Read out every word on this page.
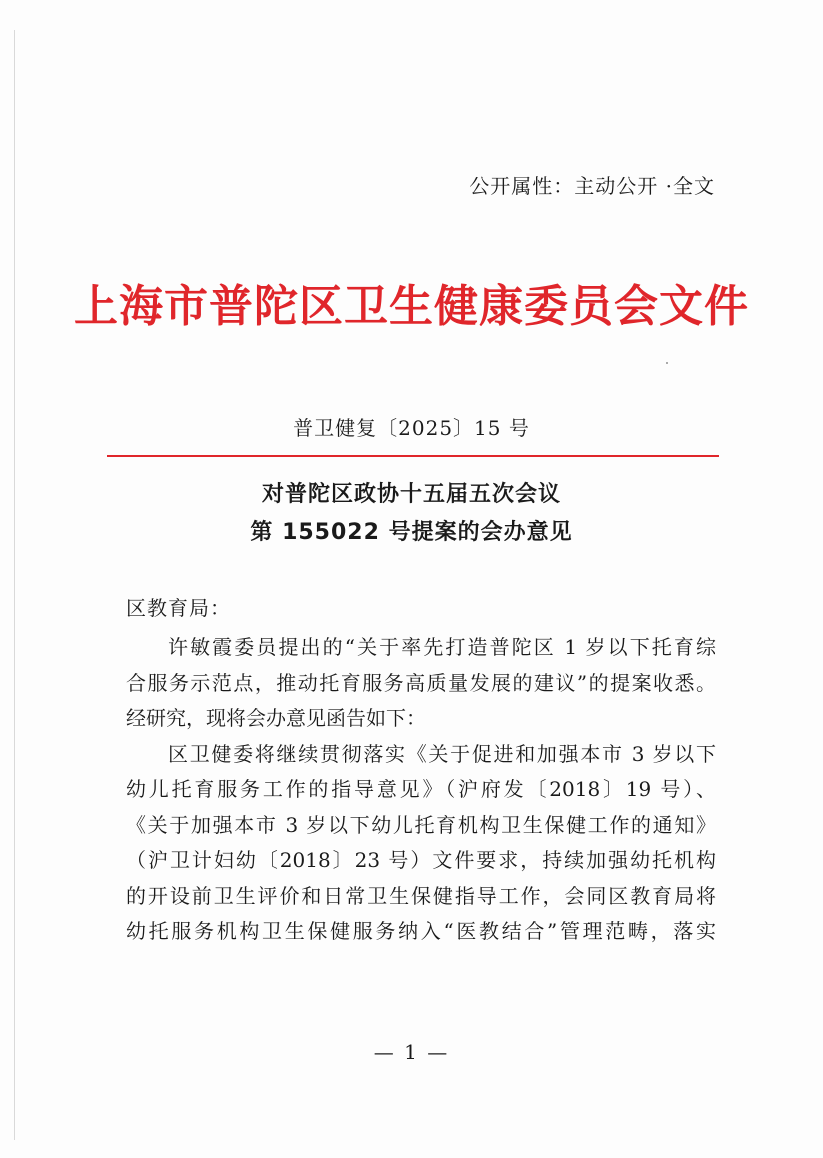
公开属性：主动公开 ·全文
上海市普陀区卫生健康委员会文件
普卫健复〔2025〕15 号
对普陀区政协十五届五次会议
第 155022 号提案的会办意见
区教育局：
许敏霞委员提出的“关于率先打造普陀区 1 岁以下托育综
合服务示范点，推动托育服务高质量发展的建议”的提案收悉。
经研究，现将会办意见函告如下：
区卫健委将继续贯彻落实《关于促进和加强本市 3 岁以下
幼儿托育服务工作的指导意见》（沪府发〔2018〕19 号）、
《关于加强本市 3 岁以下幼儿托育机构卫生保健工作的通知》
（沪卫计妇幼〔2018〕23 号）文件要求，持续加强幼托机构
的开设前卫生评价和日常卫生保健指导工作，会同区教育局将
幼托服务机构卫生保健服务纳入“医教结合”管理范畴，落实
— 1 —
